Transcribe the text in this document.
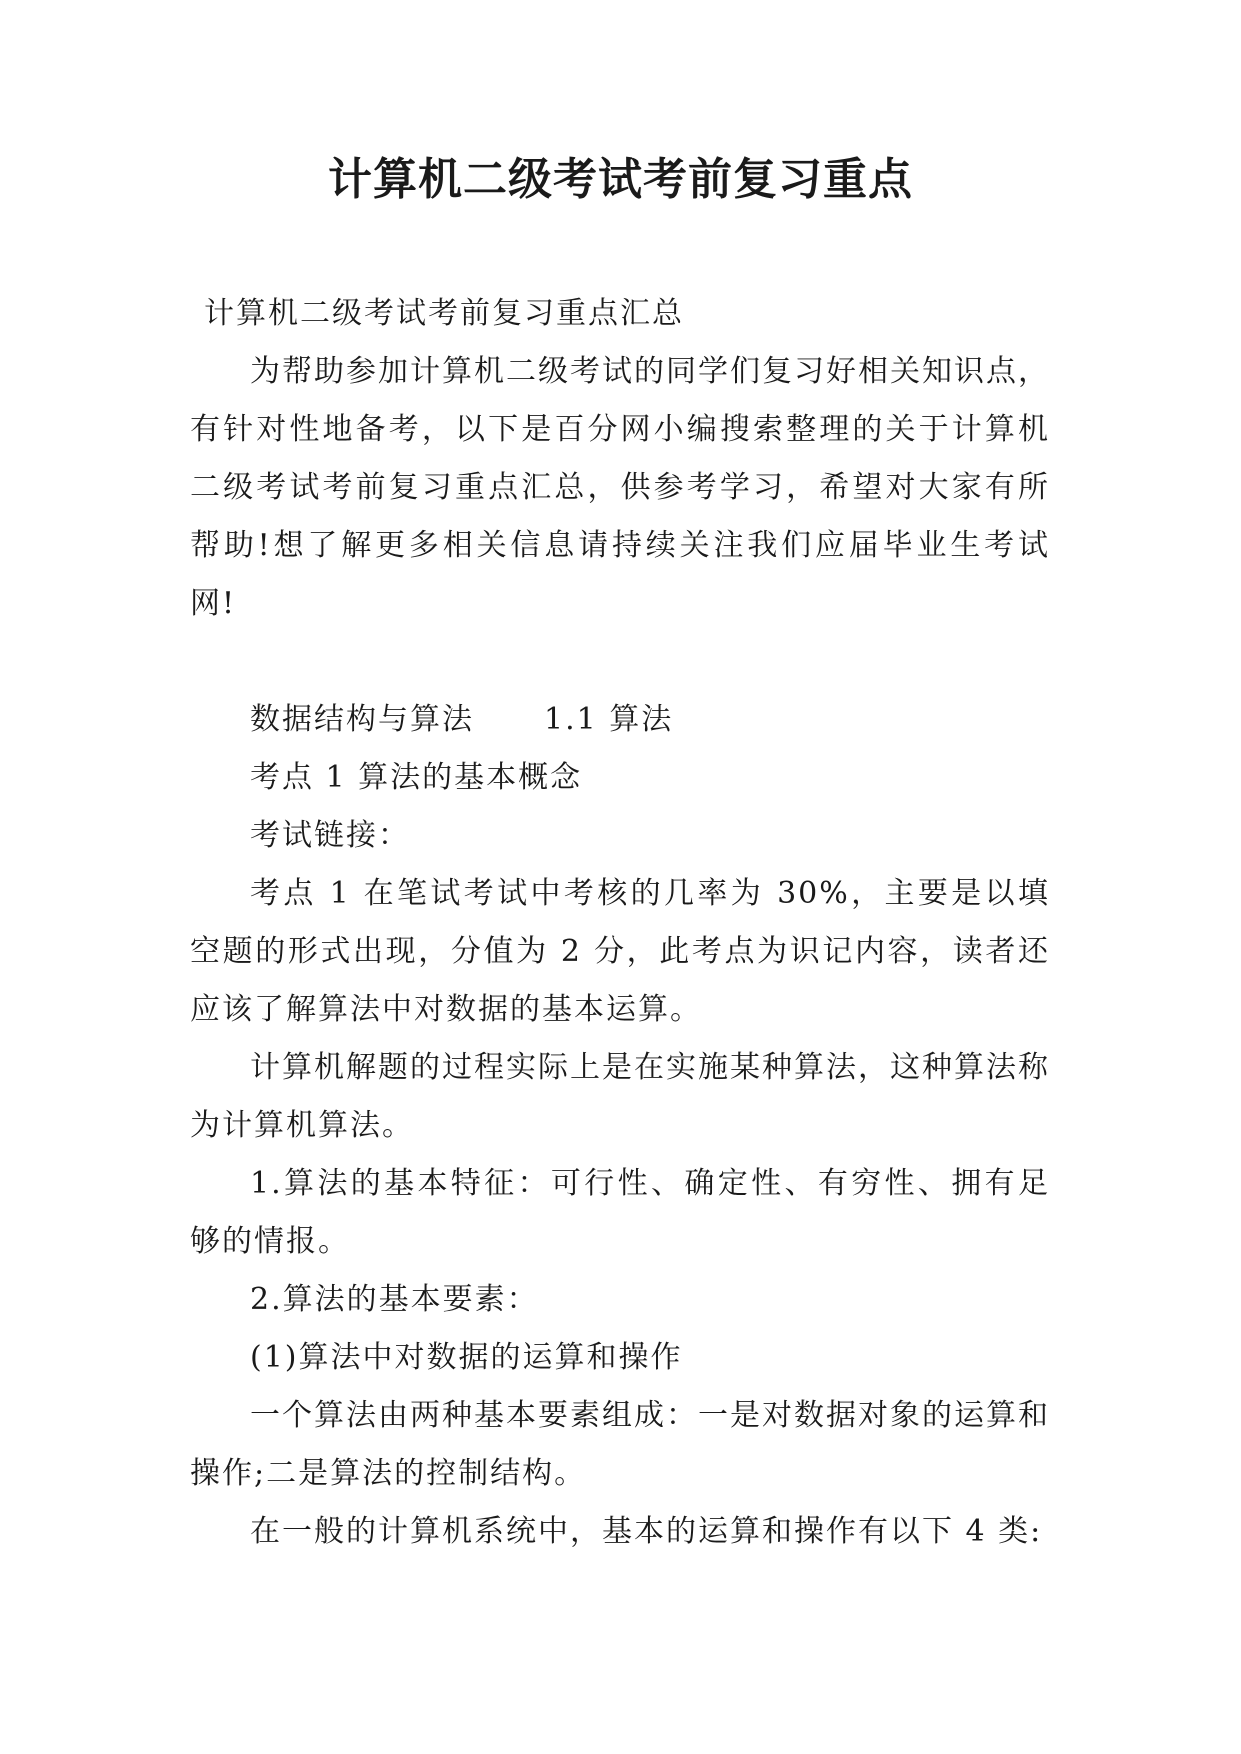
计算机二级考试考前复习重点

计算机二级考试考前复习重点汇总

为帮助参加计算机二级考试的同学们复习好相关知识点，有针对性地备考，以下是百分网小编搜索整理的关于计算机二级考试考前复习重点汇总，供参考学习，希望对大家有所帮助!想了解更多相关信息请持续关注我们应届毕业生考试网!

数据结构与算法 1.1 算法

考点 1 算法的基本概念

考试链接：

考点 1 在笔试考试中考核的几率为 30%，主要是以填空题的形式出现，分值为 2 分，此考点为识记内容，读者还应该了解算法中对数据的基本运算。

计算机解题的过程实际上是在实施某种算法，这种算法称为计算机算法。

1.算法的基本特征：可行性、确定性、有穷性、拥有足够的情报。

2.算法的基本要素：

(1)算法中对数据的运算和操作

一个算法由两种基本要素组成：一是对数据对象的运算和操作;二是算法的控制结构。

在一般的计算机系统中，基本的运算和操作有以下 4 类:
